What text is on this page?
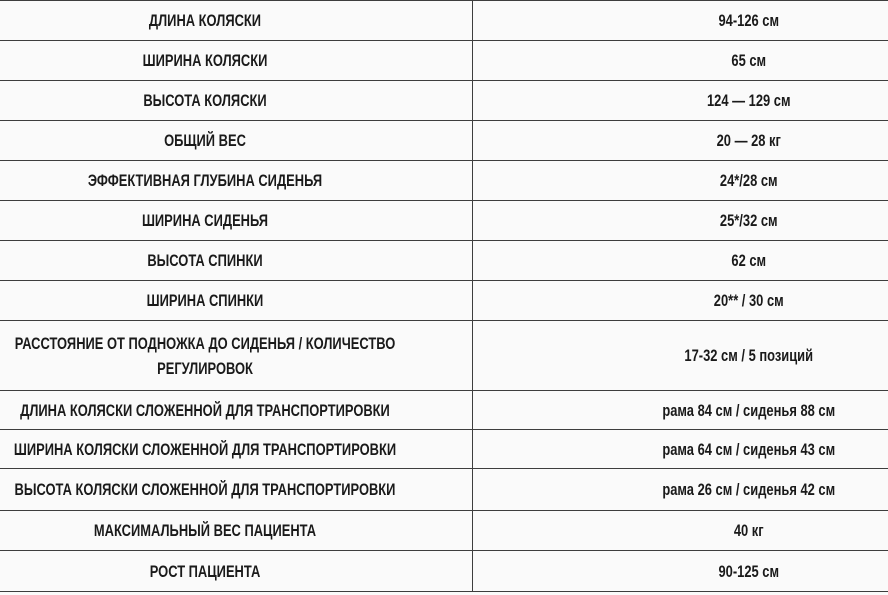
ДЛИНА КОЛЯСКИ	94-126 см

ШИРИНА КОЛЯСКИ	65 см

ВЫСОТА КОЛЯСКИ	124 — 129 см

ОБЩИЙ ВЕС	20 — 28 кг

ЭФФЕКТИВНАЯ ГЛУБИНА СИДЕНЬЯ	24*/28 см

ШИРИНА СИДЕНЬЯ	25*/32 см

ВЫСОТА СПИНКИ	62 см

ШИРИНА СПИНКИ	20** / 30 см

РАССТОЯНИЕ ОТ ПОДНОЖКА ДО СИДЕНЬЯ / КОЛИЧЕСТВО РЕГУЛИРОВОК	17-32 см / 5 позиций

ДЛИНА КОЛЯСКИ СЛОЖЕННОЙ ДЛЯ ТРАНСПОРТИРОВКИ	рама 84 см / сиденья 88 см

ШИРИНА КОЛЯСКИ СЛОЖЕННОЙ ДЛЯ ТРАНСПОРТИРОВКИ	рама 64 см / сиденья 43 см

ВЫСОТА КОЛЯСКИ СЛОЖЕННОЙ ДЛЯ ТРАНСПОРТИРОВКИ	рама 26 см / сиденья 42 см

МАКСИМАЛЬНЫЙ ВЕС ПАЦИЕНТА	40 кг

РОСТ ПАЦИЕНТА	90-125 см
